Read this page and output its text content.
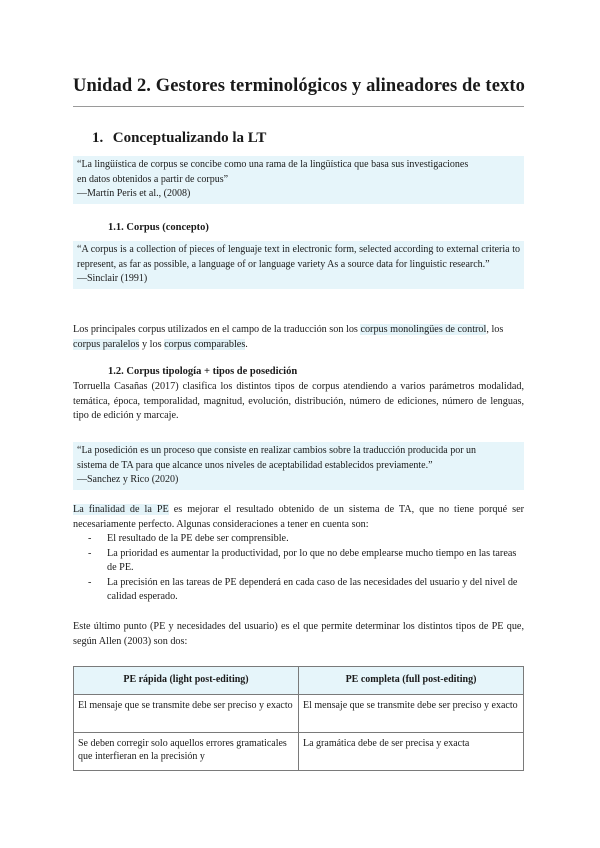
Unidad 2. Gestores terminológicos y alineadores de texto
1. Conceptualizando la LT

“La lingüística de corpus se concibe como una rama de la lingüística que basa sus investigaciones

en datos obtenidos a partir de corpus”

—Martín Peris et al., (2008)

1.1. Corpus (concepto)

“A corpus is a collection of pieces of lenguaje text in electronic form, selected according to external criteria to represent, as far as possible, a language of or language variety As a source data for linguistic research.”

—Sinclair (1991)

Los principales corpus utilizados en el campo de la traducción son los corpus monolingües de control, los corpus paralelos y los corpus comparables.

1.2. Corpus tipología + tipos de posedición

Torruella Casañas (2017) clasifica los distintos tipos de corpus atendiendo a varios parámetros modalidad, temática, época, temporalidad, magnitud, evolución, distribución, número de ediciones, número de lenguas, tipo de edición y marcaje.

“La posedición es un proceso que consiste en realizar cambios sobre la traducción producida por un

sistema de TA para que alcance unos niveles de aceptabilidad establecidos previamente.”

—Sanchez y Rico (2020)

La finalidad de la PE es mejorar el resultado obtenido de un sistema de TA, que no tiene porqué ser necesariamente perfecto. Algunas consideraciones a tener en cuenta son:

- El resultado de la PE debe ser comprensible.
- La prioridad es aumentar la productividad, por lo que no debe emplearse mucho tiempo en las tareas de PE.
- La precisión en las tareas de PE dependerá en cada caso de las necesidades del usuario y del nivel de calidad esperado.

Este último punto (PE y necesidades del usuario) es el que permite determinar los distintos tipos de PE que, según Allen (2003) son dos:

PE rápida (light post-editing)	PE completa (full post-editing)
El mensaje que se transmite debe ser preciso y exacto	El mensaje que se transmite debe ser preciso y exacto
Se deben corregir solo aquellos errores gramaticales que interfieran en la precisión y	La gramática debe de ser precisa y exacta
